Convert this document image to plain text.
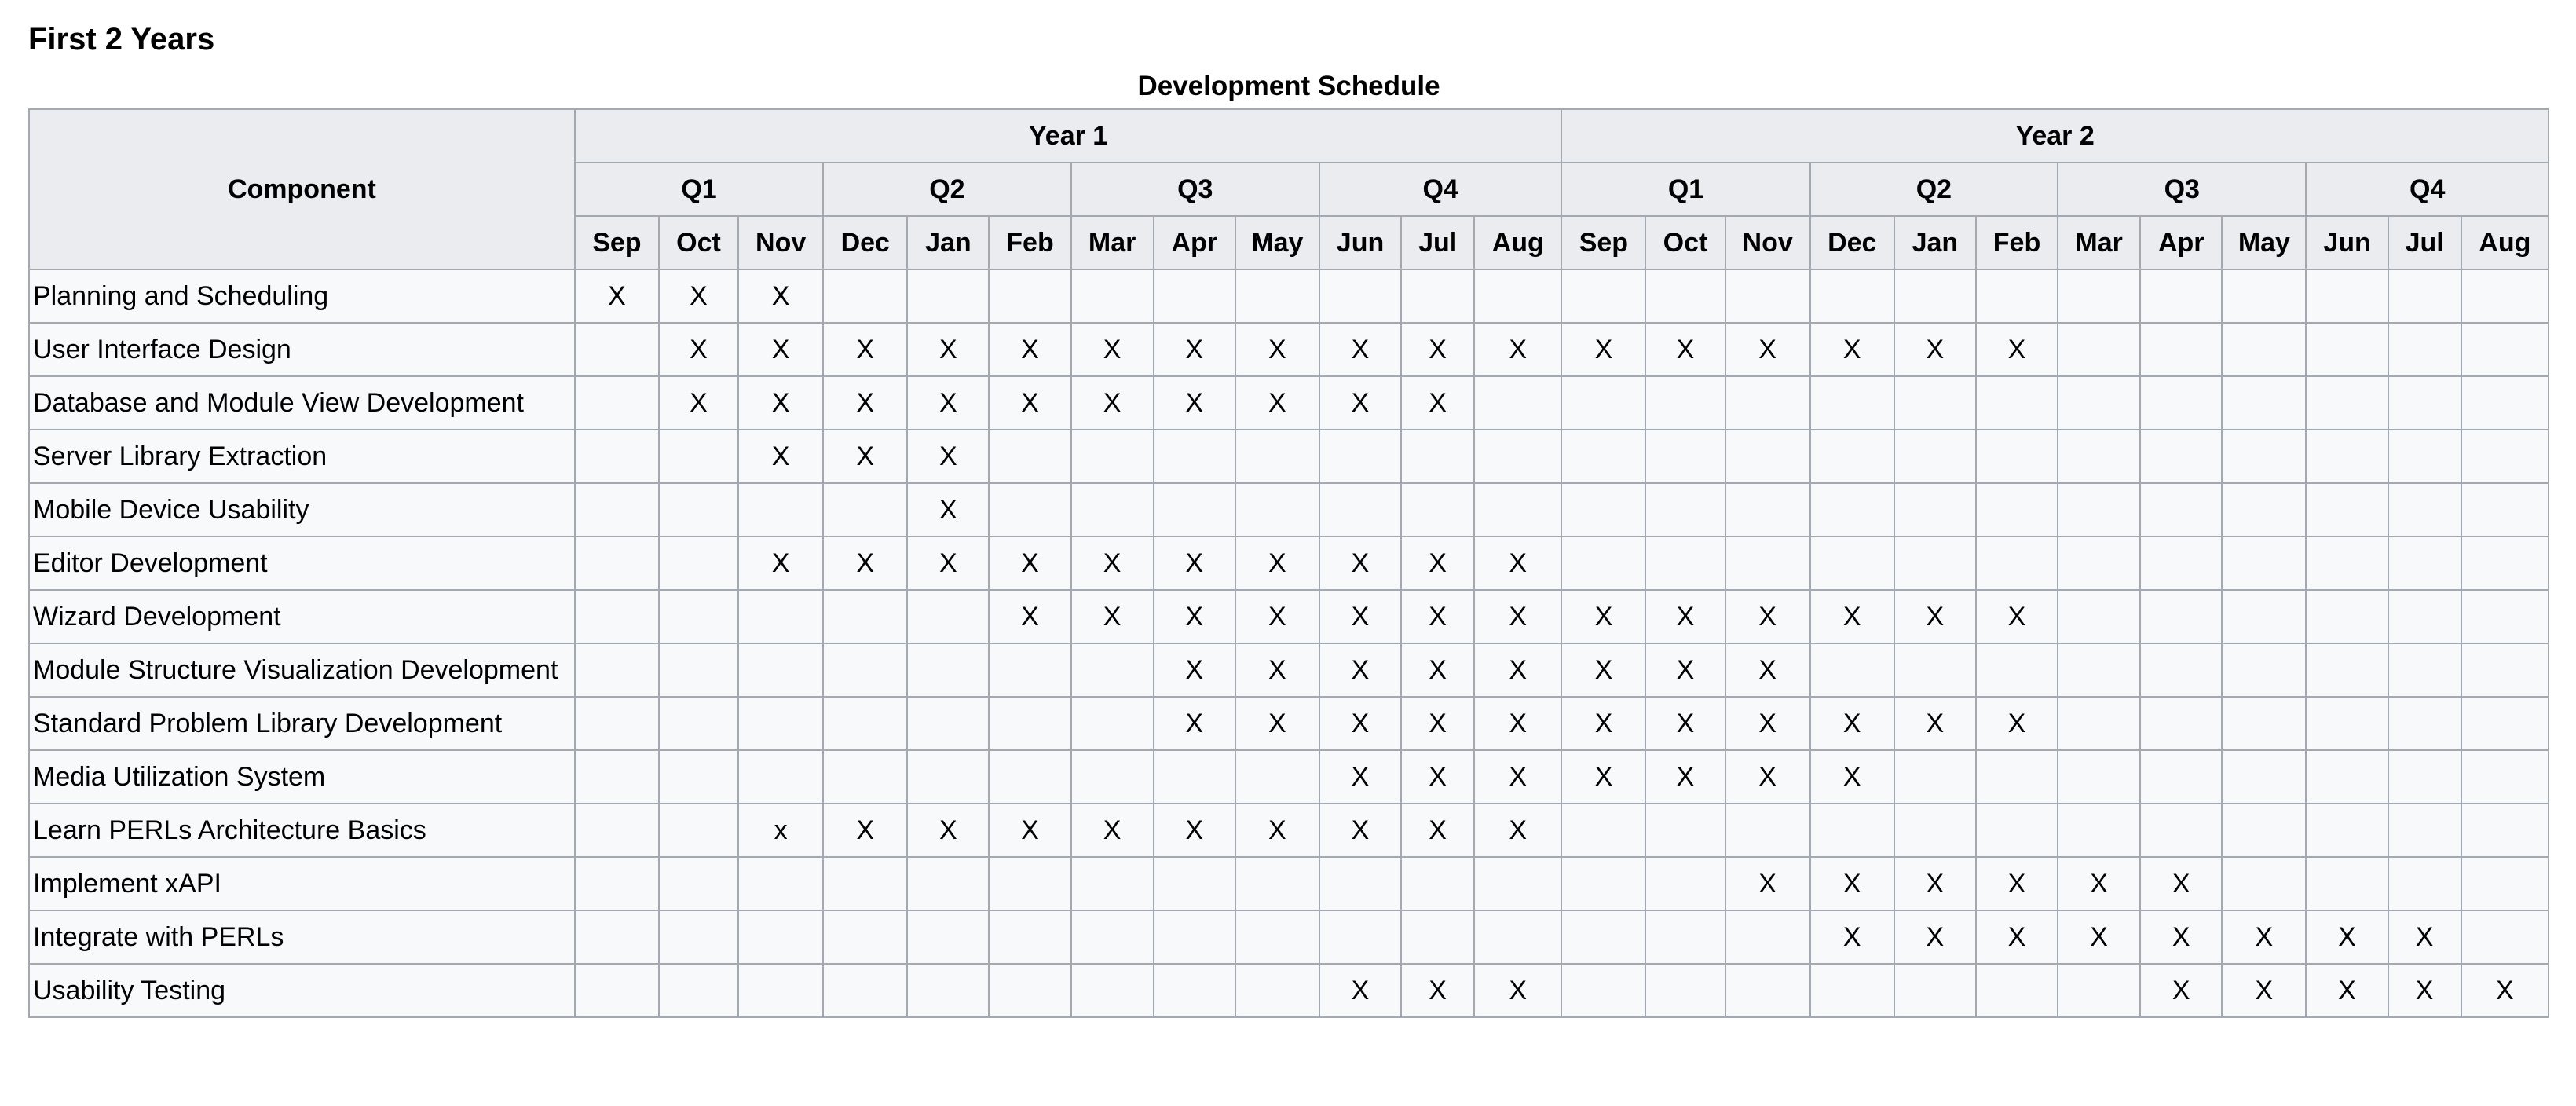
First 2 Years
Development Schedule
Component	Year 1												Year 2											
	Q1			Q2			Q3			Q4			Q1			Q2			Q3			Q4		
	Sep	Oct	Nov	Dec	Jan	Feb	Mar	Apr	May	Jun	Jul	Aug	Sep	Oct	Nov	Dec	Jan	Feb	Mar	Apr	May	Jun	Jul	Aug
Planning and Scheduling	X	X	X																					
User Interface Design		X	X	X	X	X	X	X	X	X	X	X	X	X	X	X	X	X						
Database and Module View Development		X	X	X	X	X	X	X	X	X	X													
Server Library Extraction			X	X	X																			
Mobile Device Usability					X																			
Editor Development			X	X	X	X	X	X	X	X	X	X												
Wizard Development						X	X	X	X	X	X	X	X	X	X	X	X	X						
Module Structure Visualization Development								X	X	X	X	X	X	X	X									
Standard Problem Library Development								X	X	X	X	X	X	X	X	X	X	X						
Media Utilization System										X	X	X	X	X	X	X								
Learn PERLs Architecture Basics			x	X	X	X	X	X	X	X	X	X												
Implement xAPI															X	X	X	X	X	X				
Integrate with PERLs																X	X	X	X	X	X	X	X	
Usability Testing										X	X	X								X	X	X	X	X
